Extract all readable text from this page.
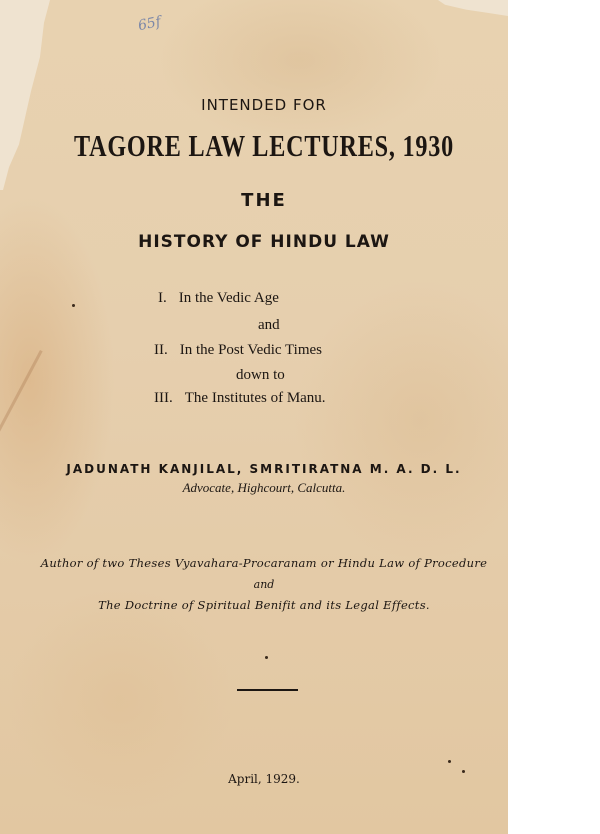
65f
INTENDED FOR
TAGORE LAW LECTURES, 1930
THE
HISTORY OF HINDU LAW
I. In the Vedic Age
and
II. In the Post Vedic Times
down to
III. The Institutes of Manu.
JADUNATH KANJILAL, SMRITIRATNA M. A. D. L.
Advocate, Highcourt, Calcutta.
Author of two Theses Vyavahara-Procaranam or Hindu Law of Procedure
and
The Doctrine of Spiritual Benifit and its Legal Effects.
April, 1929.
